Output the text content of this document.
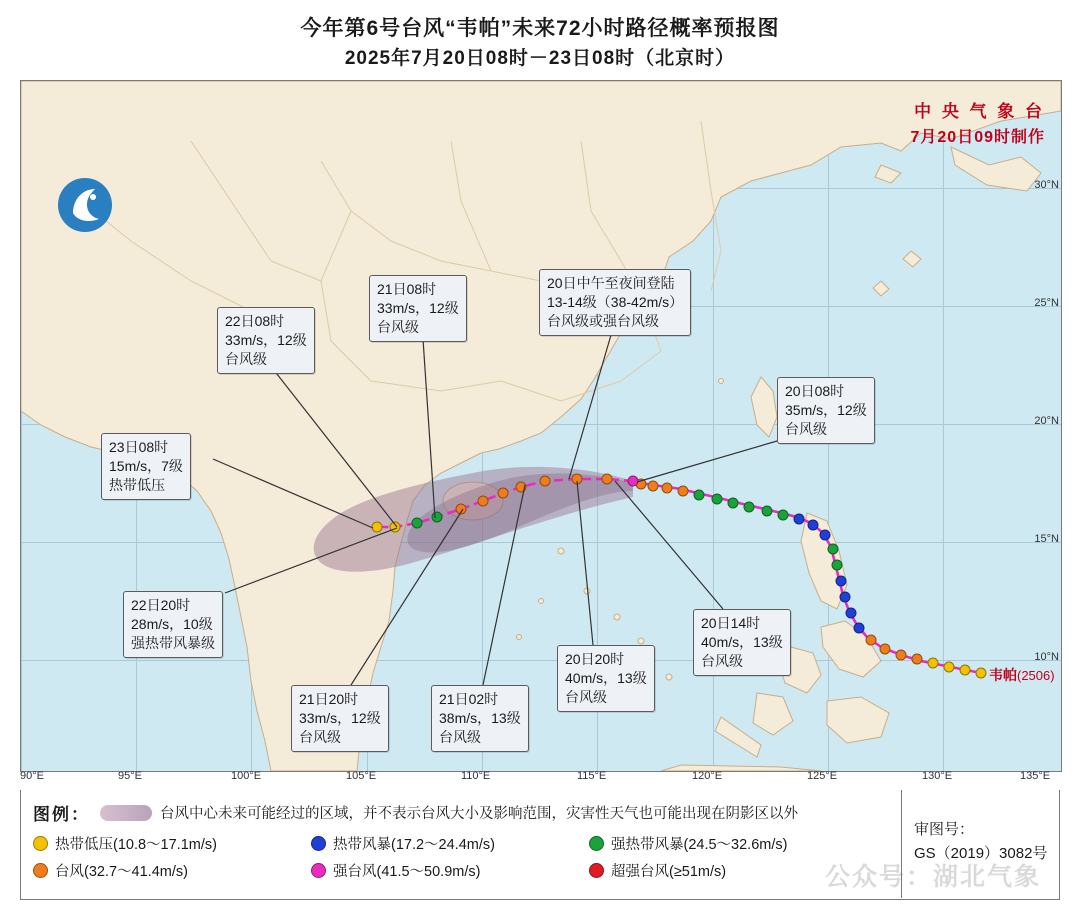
今年第6号台风“韦帕”未来72小时路径概率预报图
2025年7月20日08时－23日08时（北京时）
30°N
25°N
20°N
15°N
10°N
韦帕(2506)
中 央 气 象 台
7月20日09时制作
23日08时
15m/s，7级
热带低压
22日08时
33m/s，12级
台风级
21日08时
33m/s，12级
台风级
20日中午至夜间登陆
13-14级（38-42m/s）
台风级或强台风级
20日08时
35m/s，12级
台风级
20日14时
40m/s，13级
台风级
20日20时
40m/s，13级
台风级
21日02时
38m/s，13级
台风级
21日20时
33m/s，12级
台风级
22日20时
28m/s，10级
强热带风暴级
90°E	95°E	100°E	105°E	110°E	115°E	120°E	125°E	130°E	135°E
图例：	台风中心未来可能经过的区域，并不表示台风大小及影响范围，灾害性天气也可能出现在阴影区以外
热带低压(10.8～17.1m/s)	热带风暴(17.2～24.4m/s)	强热带风暴(24.5～32.6m/s)
台风(32.7～41.4m/s)	强台风(41.5～50.9m/s)	超强台风(≥51m/s)
审图号：
GS（2019）3082号
公众号：湖北气象
